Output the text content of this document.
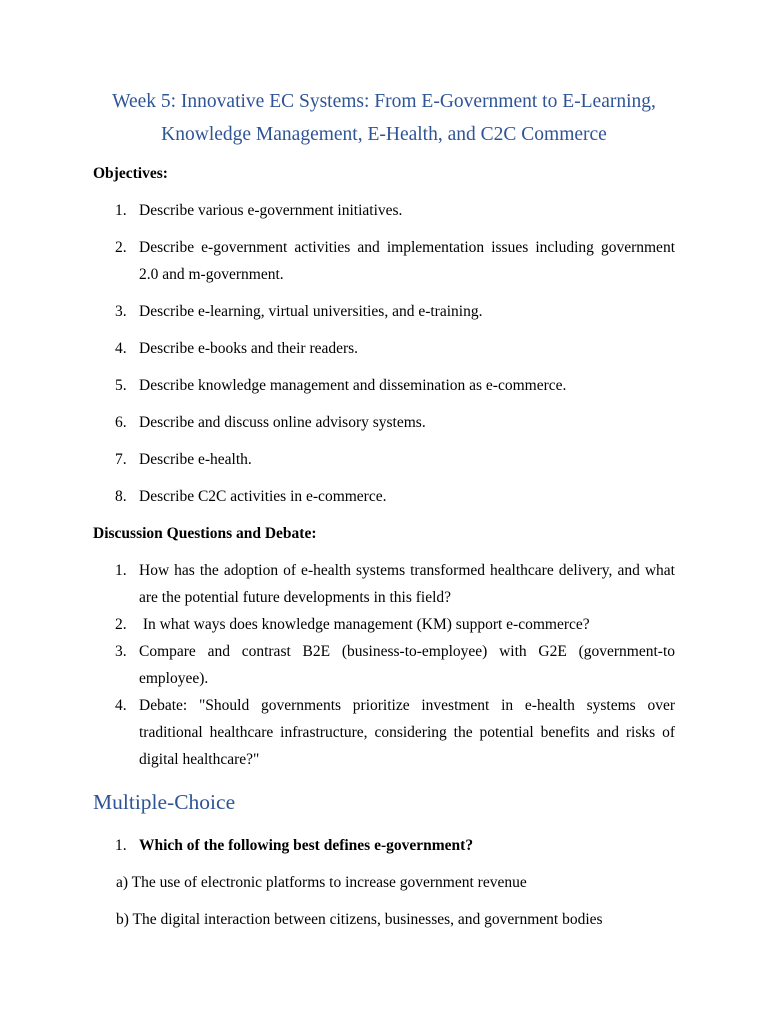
Week 5: Innovative EC Systems: From E-Government to E-Learning,
Knowledge Management, E-Health, and C2C Commerce
Objectives:
1. Describe various e-government initiatives.
2. Describe e-government activities and implementation issues including government 2.0 and m-government.
3. Describe e-learning, virtual universities, and e-training.
4. Describe e-books and their readers.
5. Describe knowledge management and dissemination as e-commerce.
6. Describe and discuss online advisory systems.
7. Describe e-health.
8. Describe C2C activities in e-commerce.
Discussion Questions and Debate:
1. How has the adoption of e-health systems transformed healthcare delivery, and what are the potential future developments in this field?
2. In what ways does knowledge management (KM) support e-commerce?
3. Compare and contrast B2E (business-to-employee) with G2E (government-to employee).
4. Debate: "Should governments prioritize investment in e-health systems over traditional healthcare infrastructure, considering the potential benefits and risks of digital healthcare?"
Multiple-Choice
1. Which of the following best defines e-government?
a) The use of electronic platforms to increase government revenue
b) The digital interaction between citizens, businesses, and government bodies
